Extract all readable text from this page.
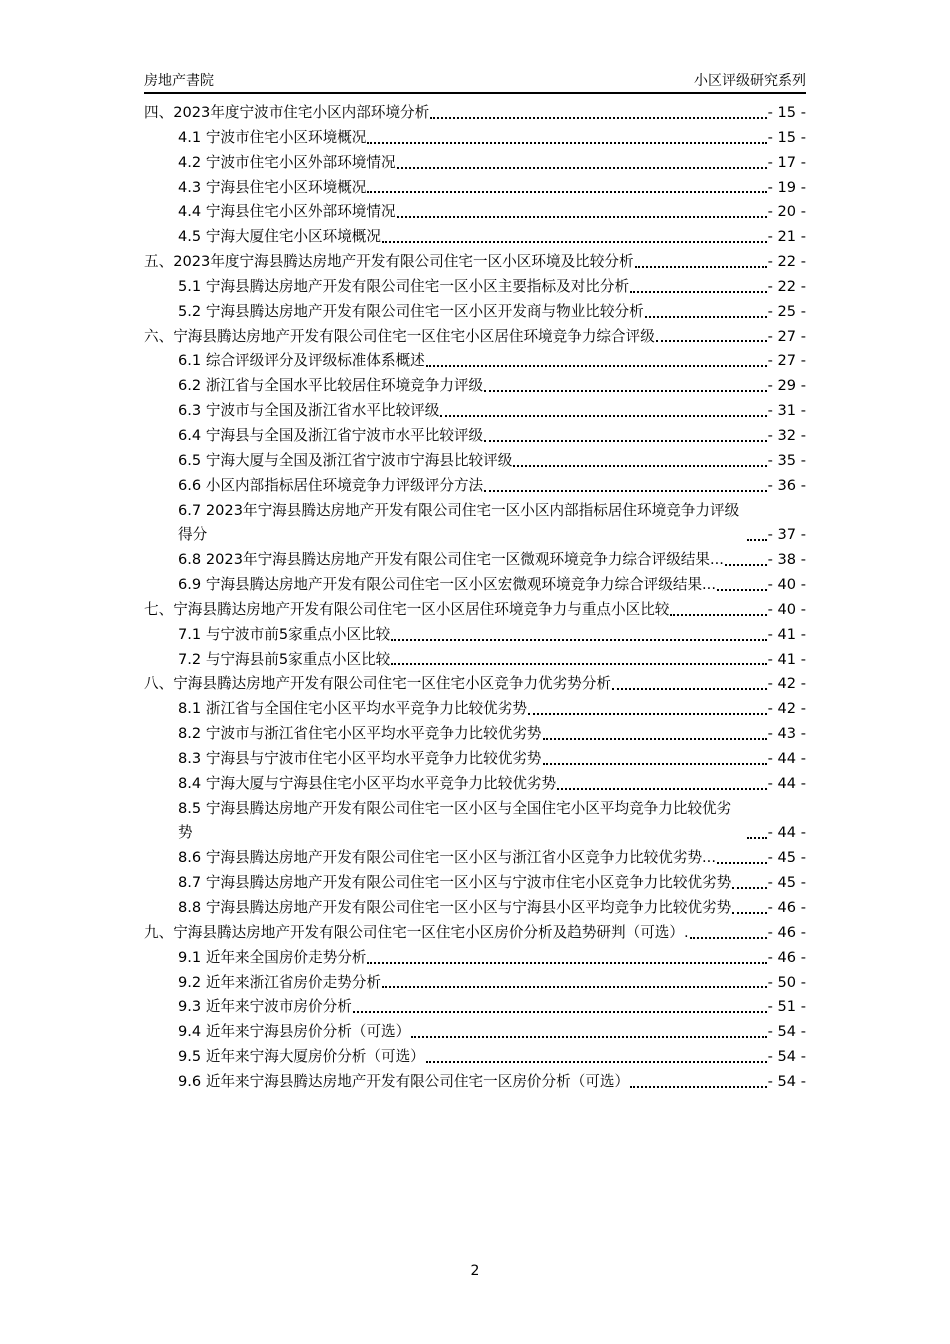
房地产書院	小区评级研究系列
四、2023年度宁波市住宅小区内部环境分析	- 15 -
4.1 宁波市住宅小区环境概况	- 15 -
4.2 宁波市住宅小区外部环境情况	- 17 -
4.3 宁海县住宅小区环境概况	- 19 -
4.4 宁海县住宅小区外部环境情况	- 20 -
4.5 宁海大厦住宅小区环境概况	- 21 -
五、2023年度宁海县腾达房地产开发有限公司住宅一区小区环境及比较分析	- 22 -
5.1 宁海县腾达房地产开发有限公司住宅一区小区主要指标及对比分析	- 22 -
5.2 宁海县腾达房地产开发有限公司住宅一区小区开发商与物业比较分析	- 25 -
六、宁海县腾达房地产开发有限公司住宅一区住宅小区居住环境竞争力综合评级	- 27 -
6.1 综合评级评分及评级标准体系概述	- 27 -
6.2 浙江省与全国水平比较居住环境竞争力评级	- 29 -
6.3 宁波市与全国及浙江省水平比较评级	- 31 -
6.4 宁海县与全国及浙江省宁波市水平比较评级	- 32 -
6.5 宁海大厦与全国及浙江省宁波市宁海县比较评级	- 35 -
6.6 小区内部指标居住环境竞争力评级评分方法	- 36 -
6.7 2023年宁海县腾达房地产开发有限公司住宅一区小区内部指标居住环境竞争力评级得分	- 37 -
6.8 2023年宁海县腾达房地产开发有限公司住宅一区微观环境竞争力综合评级结果...	- 38 -
6.9 宁海县腾达房地产开发有限公司住宅一区小区宏微观环境竞争力综合评级结果...	- 40 -
七、宁海县腾达房地产开发有限公司住宅一区小区居住环境竞争力与重点小区比较	- 40 -
7.1 与宁波市前5家重点小区比较	- 41 -
7.2 与宁海县前5家重点小区比较	- 41 -
八、宁海县腾达房地产开发有限公司住宅一区住宅小区竞争力优劣势分析	- 42 -
8.1 浙江省与全国住宅小区平均水平竞争力比较优劣势	- 42 -
8.2 宁波市与浙江省住宅小区平均水平竞争力比较优劣势	- 43 -
8.3 宁海县与宁波市住宅小区平均水平竞争力比较优劣势	- 44 -
8.4 宁海大厦与宁海县住宅小区平均水平竞争力比较优劣势	- 44 -
8.5 宁海县腾达房地产开发有限公司住宅一区小区与全国住宅小区平均竞争力比较优劣势	- 44 -
8.6 宁海县腾达房地产开发有限公司住宅一区小区与浙江省小区竞争力比较优劣势...	- 45 -
8.7 宁海县腾达房地产开发有限公司住宅一区小区与宁波市住宅小区竞争力比较优劣势 - 45 -
8.8 宁海县腾达房地产开发有限公司住宅一区小区与宁海县小区平均竞争力比较优劣势 - 46 -
九、宁海县腾达房地产开发有限公司住宅一区住宅小区房价分析及趋势研判（可选）.	- 46 -
9.1 近年来全国房价走势分析	- 46 -
9.2 近年来浙江省房价走势分析	- 50 -
9.3 近年来宁波市房价分析	- 51 -
9.4 近年来宁海县房价分析（可选）	- 54 -
9.5 近年来宁海大厦房价分析（可选）	- 54 -
9.6 近年来宁海县腾达房地产开发有限公司住宅一区房价分析（可选）	- 54 -
2
